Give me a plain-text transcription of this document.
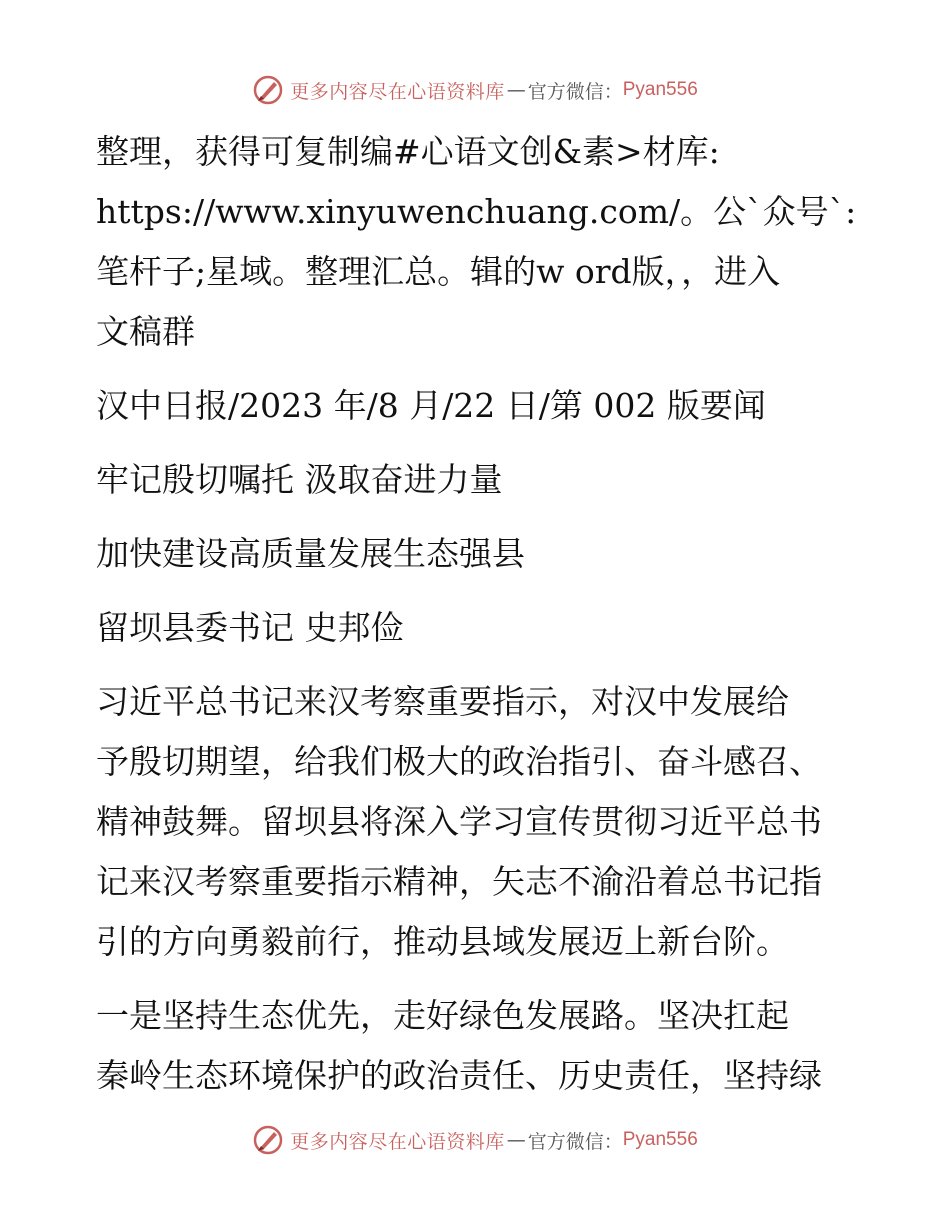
更多内容尽在心语资料库 — 官方微信： Pyan556

整理，获得可复制编#心语文创&素>材库:
https://www.xinyuwenchuang.com/。公`众号`:
笔杆子;星域。整理汇总。辑的w ord版，，进入
文稿群

汉中日报/2023 年/8 月/22 日/第 002 版要闻

牢记殷切嘱托 汲取奋进力量

加快建设高质量发展生态强县

留坝县委书记 史邦俭

习近平总书记来汉考察重要指示，对汉中发展给
予殷切期望，给我们极大的政治指引、奋斗感召、
精神鼓舞。留坝县将深入学习宣传贯彻习近平总书
记来汉考察重要指示精神，矢志不渝沿着总书记指
引的方向勇毅前行，推动县域发展迈上新台阶。

一是坚持生态优先，走好绿色发展路。坚决扛起
秦岭生态环境保护的政治责任、历史责任，坚持绿

更多内容尽在心语资料库 — 官方微信： Pyan556
